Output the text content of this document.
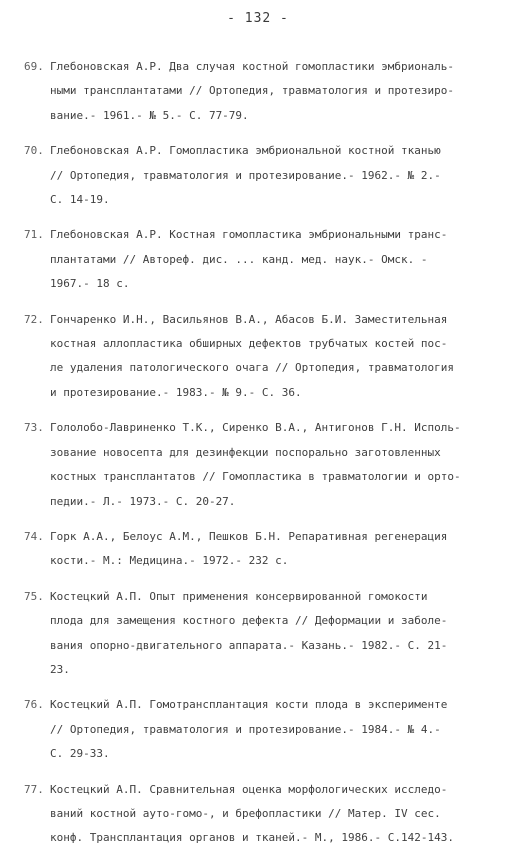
- 132 -
69. Глебоновская А.Р. Два случая костной гомопластики эмбриональ-
ными трансплантатами // Ортопедия, травматология и протезиро-
вание.- 1961.- № 5.- С. 77-79.
70. Глебоновская А.Р. Гомопластика эмбриональной костной тканью
// Ортопедия, травматология и протезирование.- 1962.- № 2.-
С. 14-19.
71. Глебоновская А.Р. Костная гомопластика эмбриональными транс-
плантатами // Автореф. дис. ... канд. мед. наук.- Омск. -
1967.- 18 с.
72. Гончаренко И.Н., Васильянов В.А., Абасов Б.И. Заместительная
костная аллопластика обширных дефектов трубчатых костей пос-
ле удаления патологического очага // Ортопедия, травматология
и протезирование.- 1983.- № 9.- С. 36.
73. Гололобо-Лавриненко Т.К., Сиренко В.А., Антигонов Г.Н. Исполь-
зование новосепта для дезинфекции поспорально заготовленных
костных трансплантатов // Гомопластика в травматологии и орто-
педии.- Л.- 1973.- С. 20-27.
74. Горк А.А., Белоус А.М., Пешков Б.Н. Репаративная регенерация
кости.- М.: Медицина.- 1972.- 232 с.
75. Костецкий А.П. Опыт применения консервированной гомокости
плода для замещения костного дефекта // Деформации и заболе-
вания опорно-двигательного аппарата.- Казань.- 1982.- С. 21-
23.
76. Костецкий А.П. Гомотрансплантация кости плода в эксперименте
// Ортопедия, травматология и протезирование.- 1984.- № 4.-
С. 29-33.
77. Костецкий А.П. Сравнительная оценка морфологических исследо-
ваний костной ауто-гомо-, и брефопластики // Матер. IV сес.
конф. Трансплантация органов и тканей.- М., 1986.- С.142-143.
